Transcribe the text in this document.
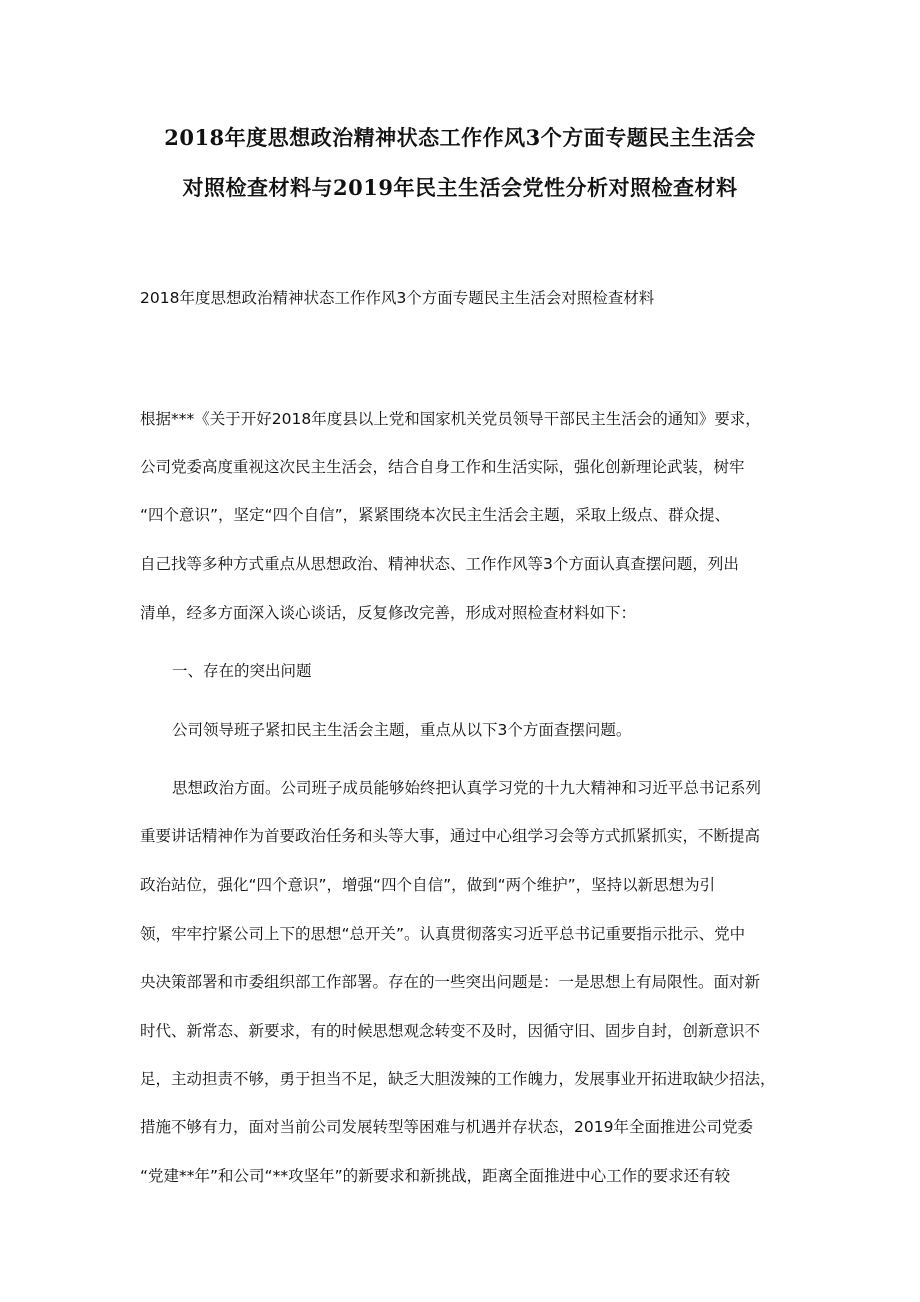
2018年度思想政治精神状态工作作风3个方面专题民主生活会
对照检查材料与2019年民主生活会党性分析对照检查材料
2018年度思想政治精神状态工作作风3个方面专题民主生活会对照检查材料
根据***《关于开好2018年度县以上党和国家机关党员领导干部民主生活会的通知》要求，
公司党委高度重视这次民主生活会，结合自身工作和生活实际，强化创新理论武装，树牢
“四个意识”，坚定“四个自信”，紧紧围绕本次民主生活会主题，采取上级点、群众提、
自己找等多种方式重点从思想政治、精神状态、工作作风等3个方面认真查摆问题，列出
清单，经多方面深入谈心谈话，反复修改完善，形成对照检查材料如下：
一、存在的突出问题
公司领导班子紧扣民主生活会主题，重点从以下3个方面查摆问题。
思想政治方面。公司班子成员能够始终把认真学习党的十九大精神和习近平总书记系列
重要讲话精神作为首要政治任务和头等大事，通过中心组学习会等方式抓紧抓实，不断提高
政治站位，强化“四个意识”，增强“四个自信”，做到“两个维护”，坚持以新思想为引
领，牢牢拧紧公司上下的思想“总开关”。认真贯彻落实习近平总书记重要指示批示、党中
央决策部署和市委组织部工作部署。存在的一些突出问题是：一是思想上有局限性。面对新
时代、新常态、新要求，有的时候思想观念转变不及时，因循守旧、固步自封，创新意识不
足，主动担责不够，勇于担当不足，缺乏大胆泼辣的工作魄力，发展事业开拓进取缺少招法，
措施不够有力，面对当前公司发展转型等困难与机遇并存状态，2019年全面推进公司党委
“党建**年”和公司“**攻坚年”的新要求和新挑战，距离全面推进中心工作的要求还有较
